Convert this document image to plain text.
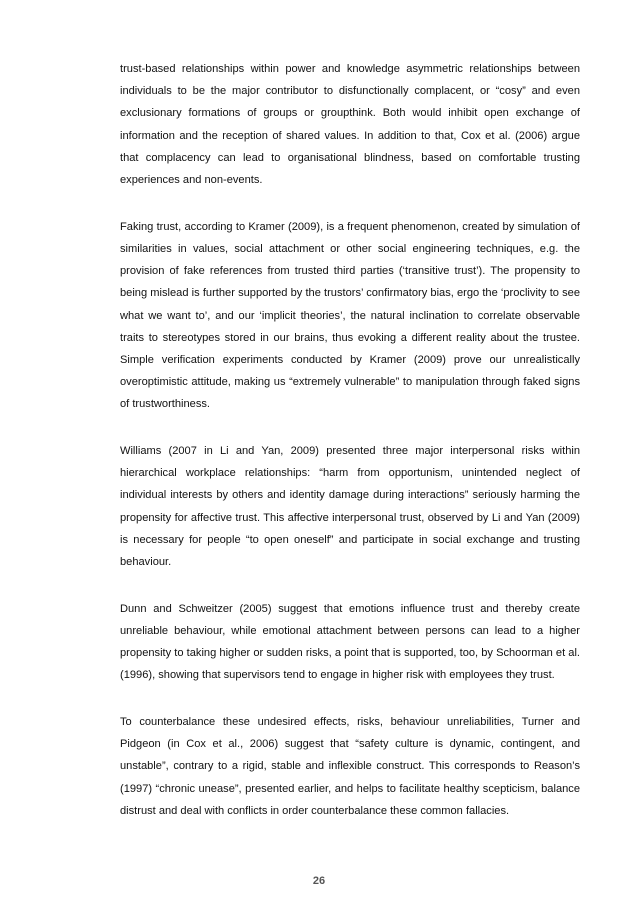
trust-based relationships within power and knowledge asymmetric relationships between individuals to be the major contributor to disfunctionally complacent, or “cosy” and even exclusionary formations of groups or groupthink. Both would inhibit open exchange of information and the reception of shared values. In addition to that, Cox et al. (2006) argue that complacency can lead to organisational blindness, based on comfortable trusting experiences and non-events.

Faking trust, according to Kramer (2009), is a frequent phenomenon, created by simulation of similarities in values, social attachment or other social engineering techniques, e.g. the provision of fake references from trusted third parties (‘transitive trust’). The propensity to being mislead is further supported by the trustors’ confirmatory bias, ergo the ‘proclivity to see what we want to’, and our ‘implicit theories’, the natural inclination to correlate observable traits to stereotypes stored in our brains, thus evoking a different reality about the trustee. Simple verification experiments conducted by Kramer (2009) prove our unrealistically overoptimistic attitude, making us “extremely vulnerable” to manipulation through faked signs of trustworthiness.

Williams (2007 in Li and Yan, 2009) presented three major interpersonal risks within hierarchical workplace relationships: “harm from opportunism, unintended neglect of individual interests by others and identity damage during interactions” seriously harming the propensity for affective trust. This affective interpersonal trust, observed by Li and Yan (2009) is necessary for people “to open oneself” and participate in social exchange and trusting behaviour.

Dunn and Schweitzer (2005) suggest that emotions influence trust and thereby create unreliable behaviour, while emotional attachment between persons can lead to a higher propensity to taking higher or sudden risks, a point that is supported, too, by Schoorman et al. (1996), showing that supervisors tend to engage in higher risk with employees they trust.

To counterbalance these undesired effects, risks, behaviour unreliabilities, Turner and Pidgeon (in Cox et al., 2006) suggest that “safety culture is dynamic, contingent, and unstable”, contrary to a rigid, stable and inflexible construct. This corresponds to Reason’s (1997) “chronic unease”, presented earlier, and helps to facilitate healthy scepticism, balance distrust and deal with conflicts in order counterbalance these common fallacies.

26
